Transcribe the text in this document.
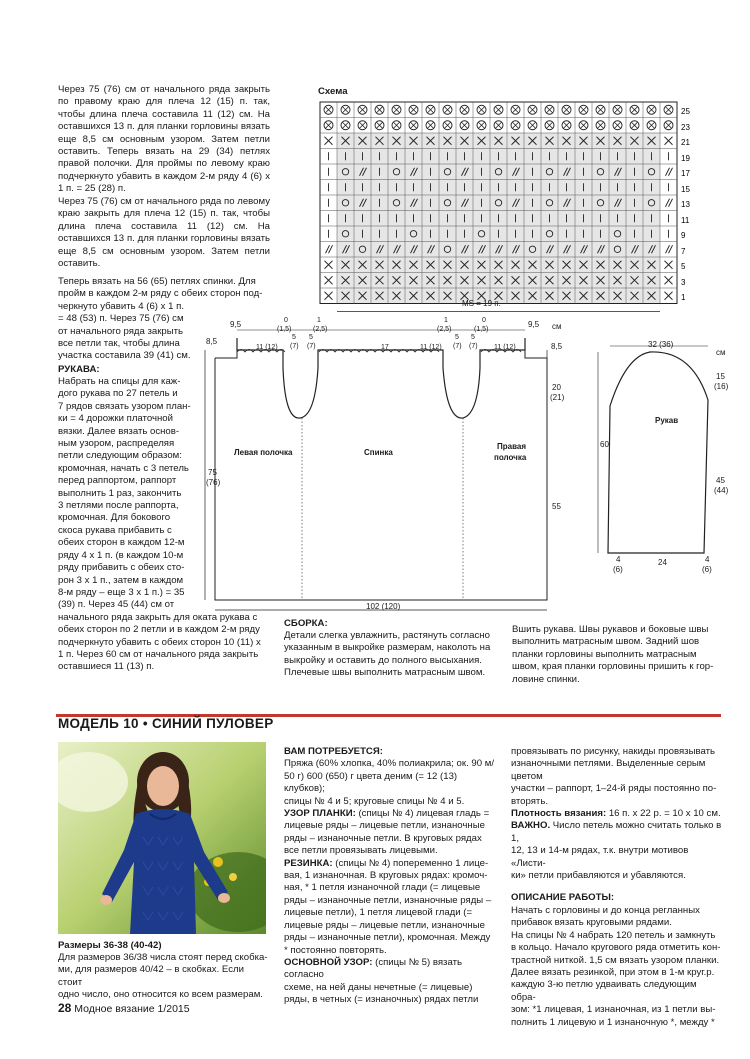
Через 75 (76) см от начального ряда закрыть по правому краю для плеча 12 (15) п. так, чтобы длина плеча составила 11 (12) см. На оставшихся 13 п. для планки горловины вязать еще 8,5 см основным узором. Затем петли оставить. Теперь вязать на 29 (34) петлях правой полочки. Для проймы по левому краю подчеркнуто убавить в каждом 2-м ряду 4 (6) х 1 п. = 25 (28) п.
Через 75 (76) см от начального ряда по левому краю закрыть для плеча 12 (15) п. так, чтобы длина плеча составила 11 (12) см. На оставшихся 13 п. для планки горловины вязать еще 8,5 см основным узором. Затем петли оставить.
Теперь вязать на 56 (65) петлях спинки. Для
пройм в каждом 2-м ряду с обеих сторон под-
черкнуто убавить 4 (6) х 1 п.
= 48 (53) п. Через 75 (76) см
от начального ряда закрыть
все петли так, чтобы длина
участка составила 39 (41) см.
РУКАВА:
Набрать на спицы для каж-
дого рукава по 27 петель и
7 рядов связать узором план-
ки = 4 дорожки платочной
вязки. Далее вязать основ-
ным узором, распределяя
петли следующим образом:
кромочная, начать с 3 петель
перед раппортом, раппорт
выполнить 1 раз, закончить
3 петлями после раппорта,
кромочная. Для бокового
скоса рукава прибавить с
обеих сторон в каждом 12-м
ряду 4 х 1 п. (в каждом 10-м
ряду прибавить с обеих сто-
рон 3 х 1 п., затем в каждом
8-м ряду – еще 3 х 1 п.) = 35
(39) п. Через 45 (44) см от
начального ряда закрыть для оката рукава с
обеих сторон по 2 петли и в каждом 2-м ряду
подчеркнуто убавить с обеих сторон 10 (11) х
1 п. Через 60 см от начального ряда закрыть
оставшиеся 11 (13) п.
Схема
25
23
21
19
17
15
13
11
9
7
5
3
1
MS = 19 п.
см
9,5	9,5
0
(1,5)
1
(2,5)
1
(2,5)
0
(1,5)
8,5
8,5
11 (12)
5
(7)
5
(7)	17	11 (12)
5
(7)
5
(7) 11 (12)
20
(21)
75
(76)
55
102 (120)
Левая полочка	Спинка
Правая
полочка
см
32 (36)
15
(16)
Рукав
60
45
(44)
24
4
(6)
4
(6)
СБОРКА:
Детали слегка увлажнить, растянуть согласно
указанным в выкройке размерам, наколоть на
выкройку и оставить до полного высыхания.
Плечевые швы выполнить матрасным швом.
Вшить рукава. Швы рукавов и боковые швы
выполнить матрасным швом. Задний шов
планки горловины выполнить матрасным
швом, края планки горловины пришить к гор-
ловине спинки.
МОДЕЛЬ 10 • СИНИЙ ПУЛОВЕР
Размеры 36-38 (40-42)
Для размеров 36/38 числа стоят перед скобка-
ми, для размеров 40/42 – в скобках. Если стоит
одно число, оно относится ко всем размерам.
ВАМ ПОТРЕБУЕТСЯ:
Пряжа (60% хлопка, 40% полиакрила; ок. 90 м/
50 г) 600 (650) г цвета деним (= 12 (13) клубков);
спицы № 4 и 5; круговые спицы № 4 и 5.
УЗОР ПЛАНКИ: (спицы № 4) лицевая гладь =
лицевые ряды – лицевые петли, изнаночные
ряды – изнаночные петли. В круговых рядах
все петли провязывать лицевыми.
РЕЗИНКА: (спицы № 4) попеременно 1 лице-
вая, 1 изнаночная. В круговых рядах: кромоч-
ная, * 1 петля изнаночной глади (= лицевые
ряды – изнаночные петли, изнаночные ряды –
лицевые петли), 1 петля лицевой глади (=
лицевые ряды – лицевые петли, изнаночные
ряды – изнаночные петли), кромочная. Между
* постоянно повторять.
ОСНОВНОЙ УЗОР: (спицы № 5) вязать согласно
схеме, на ней даны нечетные (= лицевые)
ряды, в четных (= изнаночных) рядах петли
провязывать по рисунку, накиды провязывать
изнаночными петлями. Выделенные серым цветом
участки – раппорт, 1–24-й ряды постоянно по-
вторять.
Плотность вязания: 16 п. х 22 р. = 10 х 10 см.
ВАЖНО. Число петель можно считать только в 1,
12, 13 и 14-м рядах, т.к. внутри мотивов «Листи-
ки» петли прибавляются и убавляются.
ОПИСАНИЕ РАБОТЫ:
Начать с горловины и до конца регланных
прибавок вязать круговыми рядами.
На спицы № 4 набрать 120 петель и замкнуть
в кольцо. Начало кругового ряда отметить кон-
трастной ниткой. 1,5 см вязать узором планки.
Далее вязать резинкой, при этом в 1-м круг.р.
каждую 3-ю петлю удваивать следующим обра-
зом: *1 лицевая, 1 изнаночная, из 1 петли вы-
полнить 1 лицевую и 1 изнаночную *, между *
28 Модное вязание 1/2015
